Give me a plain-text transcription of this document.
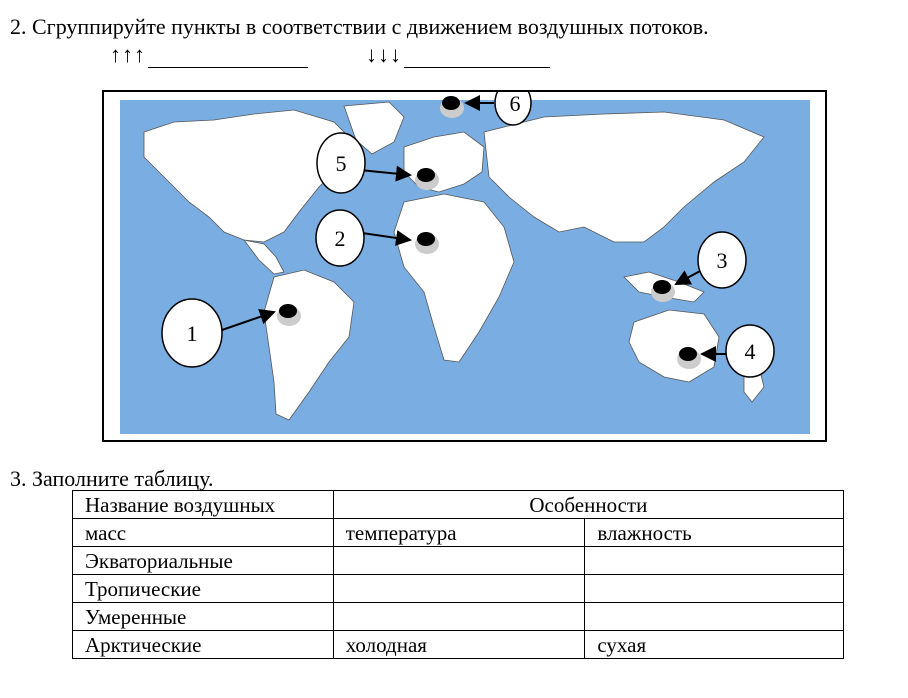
2. Сгруппируйте пункты в соответствии с движением воздушных потоков.
↑↑↑	↓↓↓
1
2
3
4
5
6
3. Заполните таблицу.
Название воздушных	Особенности	
масс	температура	влажность
Экваториальные		
Тропические		
Умеренные		
Арктические	холодная	сухая
